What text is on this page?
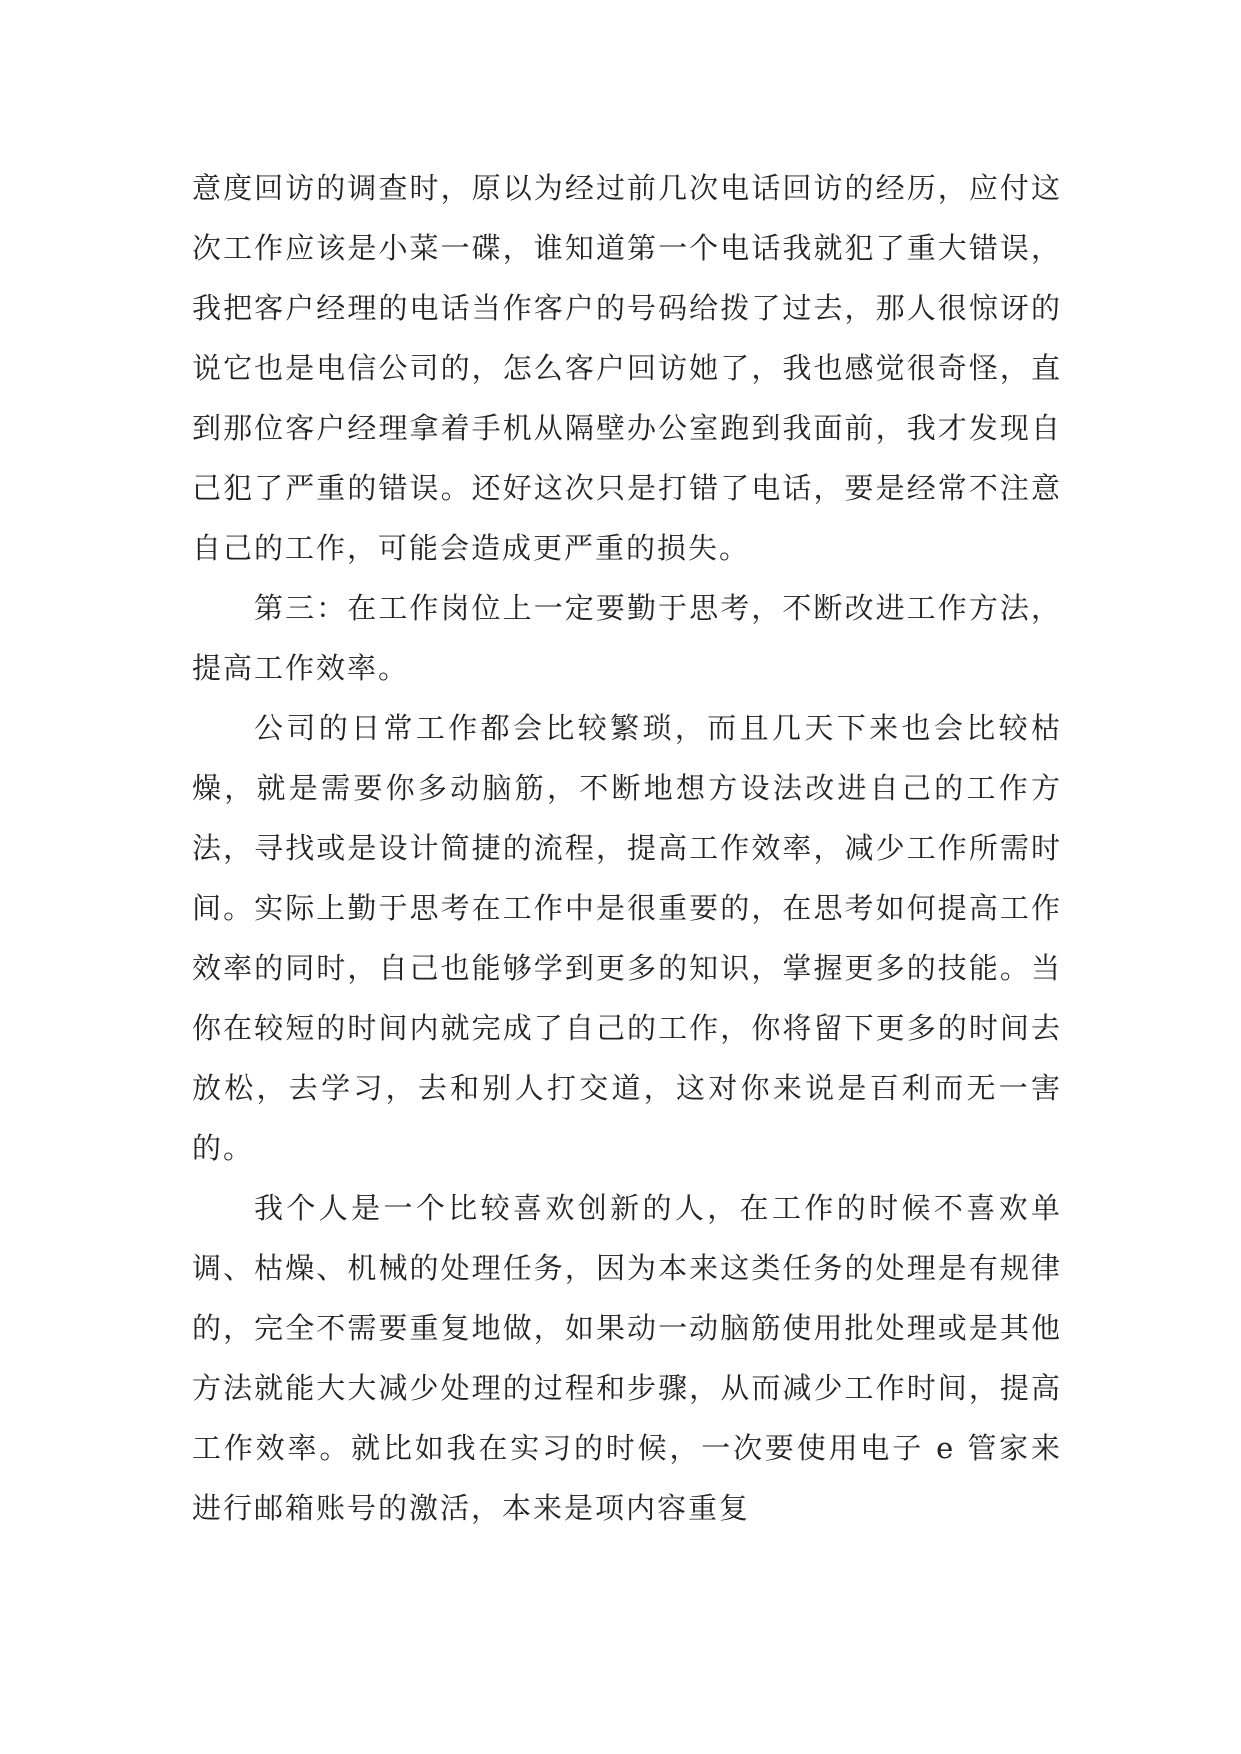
意度回访的调查时，原以为经过前几次电话回访的经历，应付这次工作应该是小菜一碟，谁知道第一个电话我就犯了重大错误，我把客户经理的电话当作客户的号码给拨了过去，那人很惊讶的说它也是电信公司的，怎么客户回访她了，我也感觉很奇怪，直到那位客户经理拿着手机从隔壁办公室跑到我面前，我才发现自己犯了严重的错误。还好这次只是打错了电话，要是经常不注意自己的工作，可能会造成更严重的损失。

第三：在工作岗位上一定要勤于思考，不断改进工作方法，提高工作效率。

公司的日常工作都会比较繁琐，而且几天下来也会比较枯燥，就是需要你多动脑筋，不断地想方设法改进自己的工作方法，寻找或是设计简捷的流程，提高工作效率，减少工作所需时间。实际上勤于思考在工作中是很重要的，在思考如何提高工作效率的同时，自己也能够学到更多的知识，掌握更多的技能。当你在较短的时间内就完成了自己的工作，你将留下更多的时间去放松，去学习，去和别人打交道，这对你来说是百利而无一害的。

我个人是一个比较喜欢创新的人，在工作的时候不喜欢单调、枯燥、机械的处理任务，因为本来这类任务的处理是有规律的，完全不需要重复地做，如果动一动脑筋使用批处理或是其他方法就能大大减少处理的过程和步骤，从而减少工作时间，提高工作效率。就比如我在实习的时候，一次要使用电子 e 管家来进行邮箱账号的激活，本来是项内容重复
